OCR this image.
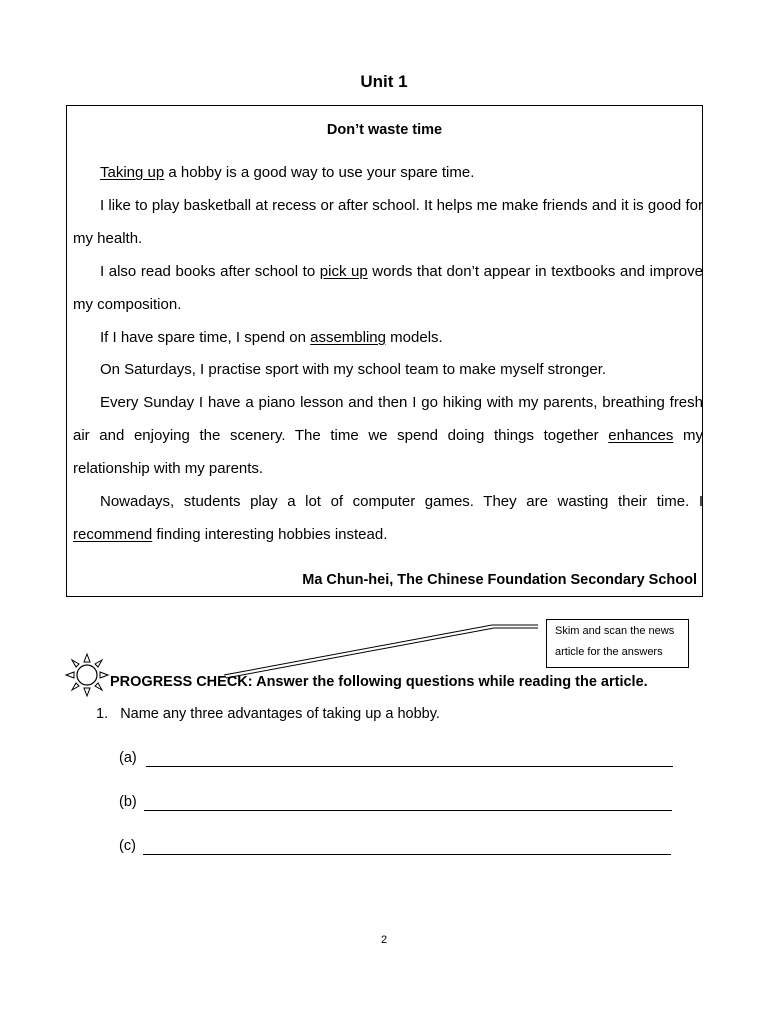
Unit 1
Don’t waste time
Taking up a hobby is a good way to use your spare time.
I like to play basketball at recess or after school. It helps me make friends and it is good for my health.
I also read books after school to pick up words that don’t appear in textbooks and improve my composition.
If I have spare time, I spend on assembling models.
On Saturdays, I practise sport with my school team to make myself stronger.
Every Sunday I have a piano lesson and then I go hiking with my parents, breathing fresh air and enjoying the scenery. The time we spend doing things together enhances my relationship with my parents.
Nowadays, students play a lot of computer games. They are wasting their time. I recommend finding interesting hobbies instead.
Ma Chun-hei, The Chinese Foundation Secondary School
Skim and scan the news
article for the answers
PROGRESS CHECK: Answer the following questions while reading the article.
1. Name any three advantages of taking up a hobby.
(a)
(b)
(c)
2
